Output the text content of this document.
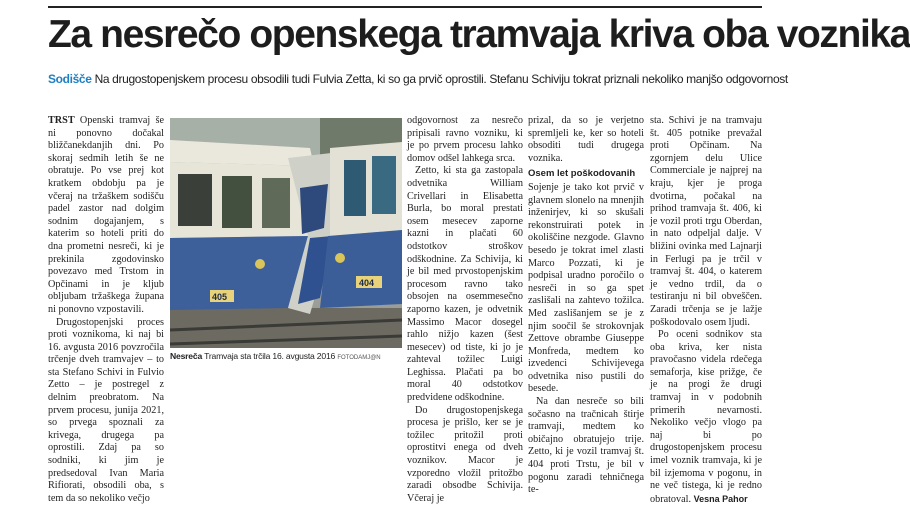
Za nesrečo openskega tramvaja kriva oba voznika

Sodišče Na drugostopenjskem procesu obsodili tudi Fulvia Zetta, ki so ga prvič oprostili. Stefanu Schiviju tokrat priznali nekoliko manjšo odgovornost

TRST Openski tramvaj še ni ponovno dočakal bližčanekdanjih dni. Po skoraj sedmih letih še ne obratuje. Po vse prej kot kratkem obdobju pa je včeraj na tržaškem sodišču padel zastor nad dolgim sodnim dogajanjem, s katerim so hoteli priti do dna prometni nesreči, ki je prekinila zgodovinsko povezavo med Trstom in Opčinami in je kljub obljubam tržaškega župana ni ponovno vzpostavili.

Drugostopenjski proces proti voznikoma, ki naj bi 16. avgusta 2016 povzročila trčenje dveh tramvajev – to sta Stefano Schivi in Fulvio Zetto – je postregel z delnim preobratom. Na prvem procesu, junija 2021, so prvega spoznali za krivega, drugega pa oprostili. Zdaj pa so sodniki, ki jim je predsedoval Ivan Maria Rifiorati, obsodili oba, s tem da so nekoliko večjo

405
404

Nesreča Tramvaja sta trčila 16. avgusta 2016 FOTODAMJ@N

odgovornost za nesrečo pripisali ravno vozniku, ki je po prvem procesu lahko domov odšel lahkega srca.

Zetto, ki sta ga zastopala odvetnika William Crivellari in Elisabetta Burla, bo moral prestati osem mesecev zaporne kazni in plačati 60 odstotkov stroškov odškodnine. Za Schivija, ki je bil med prvostopenjskim procesom ravno tako obsojen na osemmesečno zaporno kazen, je odvetnik Massimo Macor dosegel rahlo nižjo kazen (šest mesecev) od tiste, ki jo je zahteval tožilec Luigi Leghissa. Plačati pa bo moral 40 odstotkov predvidene odškodnine.

Do drugostopenjskega procesa je prišlo, ker se je tožilec pritožil proti oprostitvi enega od dveh voznikov. Macor je vzporedno vložil pritožbo zaradi obsodbe Schivija. Včeraj je

prizal, da so je verjetno spremljeli ke, ker so hoteli obsoditi tudi drugega voznika.

Osem let poškodovanih

Sojenje je tako kot prvič v glavnem slonelo na mnenjih inženirjev, ki so skušali rekonstruirati potek in okoliščine nezgode. Glavno besedo je tokrat imel zlasti Marco Pozzati, ki je podpisal uradno poročilo o nesreči in so ga spet zaslišali na zahtevo tožilca. Med zaslišanjem se je z njim soočil še strokovnjak Zettove obrambe Giuseppe Monfreda, medtem ko izvedenci Schivijevega odvetnika niso pustili do besede.

Na dan nesreče so bili sočasno na tračnicah štirje tramvaji, medtem ko običajno obratujejo trije. Zetto, ki je vozil tramvaj št. 404 proti Trstu, je bil v pogonu zaradi tehničnega te-

sta. Schivi je na tramvaju št. 405 potnike prevažal proti Opčinam. Na zgornjem delu Ulice Commerciale je najprej na kraju, kjer je proga dvotirna, počakal na prihod tramvaja št. 406, ki je vozil proti trgu Oberdan, in nato odpeljal dalje. V bližini ovinka med Lajnarji in Ferlugi pa je trčil v tramvaj št. 404, o katerem je vedno trdil, da o testiranju ni bil obveščen. Zaradi trčenja se je lažje poškodovalo osem ljudi.

Po oceni sodnikov sta oba kriva, ker nista pravočasno videla rdečega semaforja, kise prižge, če je na progi že drugi tramvaj in v podobnih primerih nevarnosti. Nekoliko večjo vlogo pa naj bi po drugostopenjskem procesu imel voznik tramvaja, ki je bil izjemoma v pogonu, in ne več tistega, ki je redno obratoval. Vesna Pahor
